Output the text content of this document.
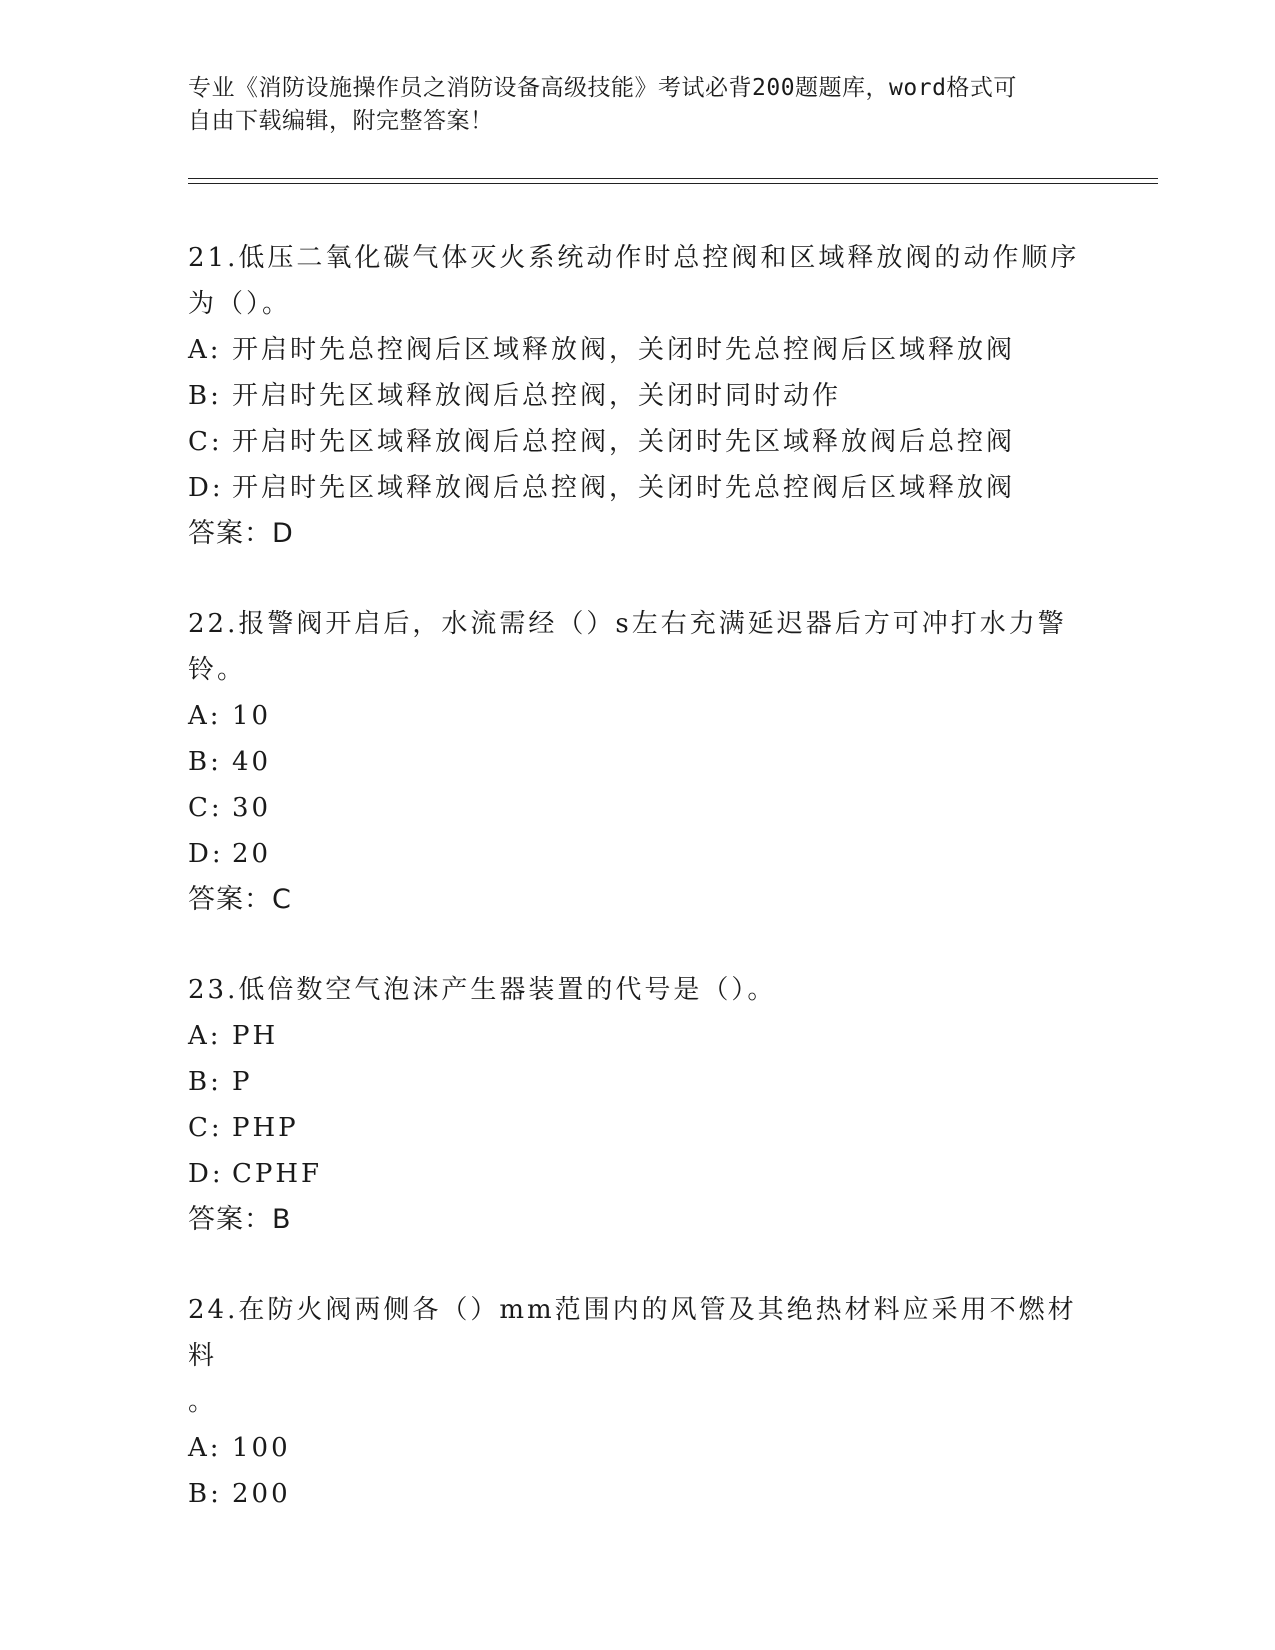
专业《消防设施操作员之消防设备高级技能》考试必背200题题库，word格式可
自由下载编辑，附完整答案！
21.低压二氧化碳气体灭火系统动作时总控阀和区域释放阀的动作顺序
为（）。
A: 开启时先总控阀后区域释放阀，关闭时先总控阀后区域释放阀
B: 开启时先区域释放阀后总控阀，关闭时同时动作
C: 开启时先区域释放阀后总控阀，关闭时先区域释放阀后总控阀
D: 开启时先区域释放阀后总控阀，关闭时先总控阀后区域释放阀
答案：D
22.报警阀开启后，水流需经（）s左右充满延迟器后方可冲打水力警
铃。
A: 10
B: 40
C: 30
D: 20
答案：C
23.低倍数空气泡沫产生器装置的代号是（）。
A: PH
B: P
C: PHP
D: CPHF
答案：B
24.在防火阀两侧各（）mm范围内的风管及其绝热材料应采用不燃材料
。
A: 100
B: 200
